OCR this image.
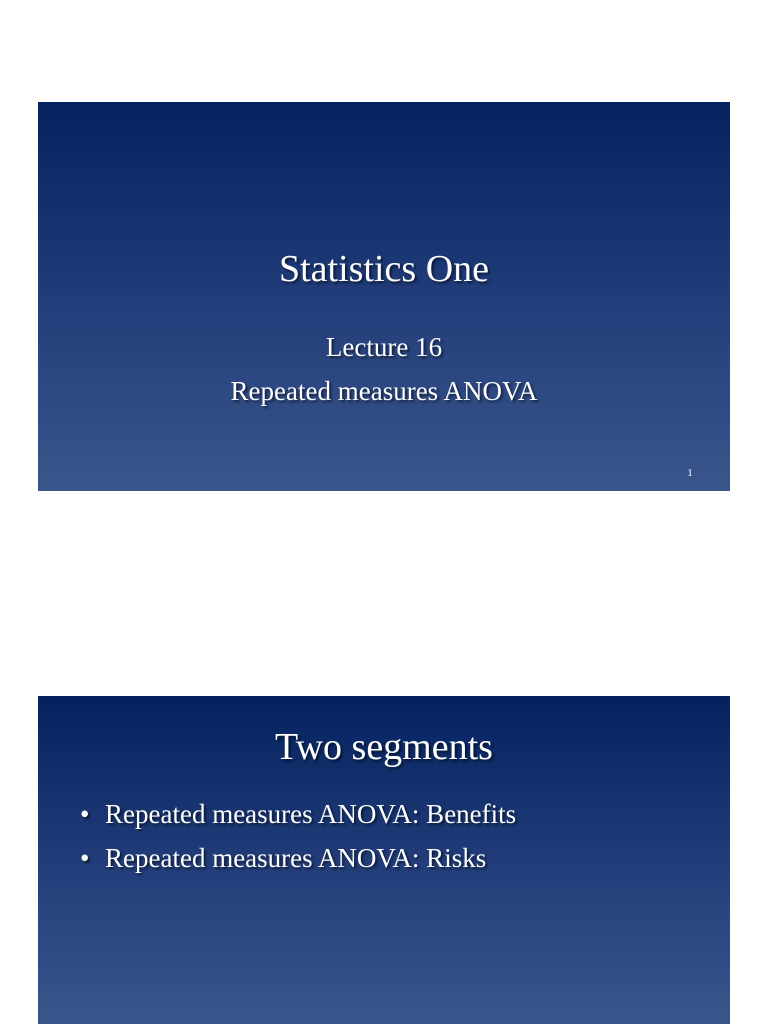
Statistics One

Lecture 16

Repeated measures ANOVA

1
Two segments
• Repeated measures ANOVA: Benefits
• Repeated measures ANOVA: Risks
